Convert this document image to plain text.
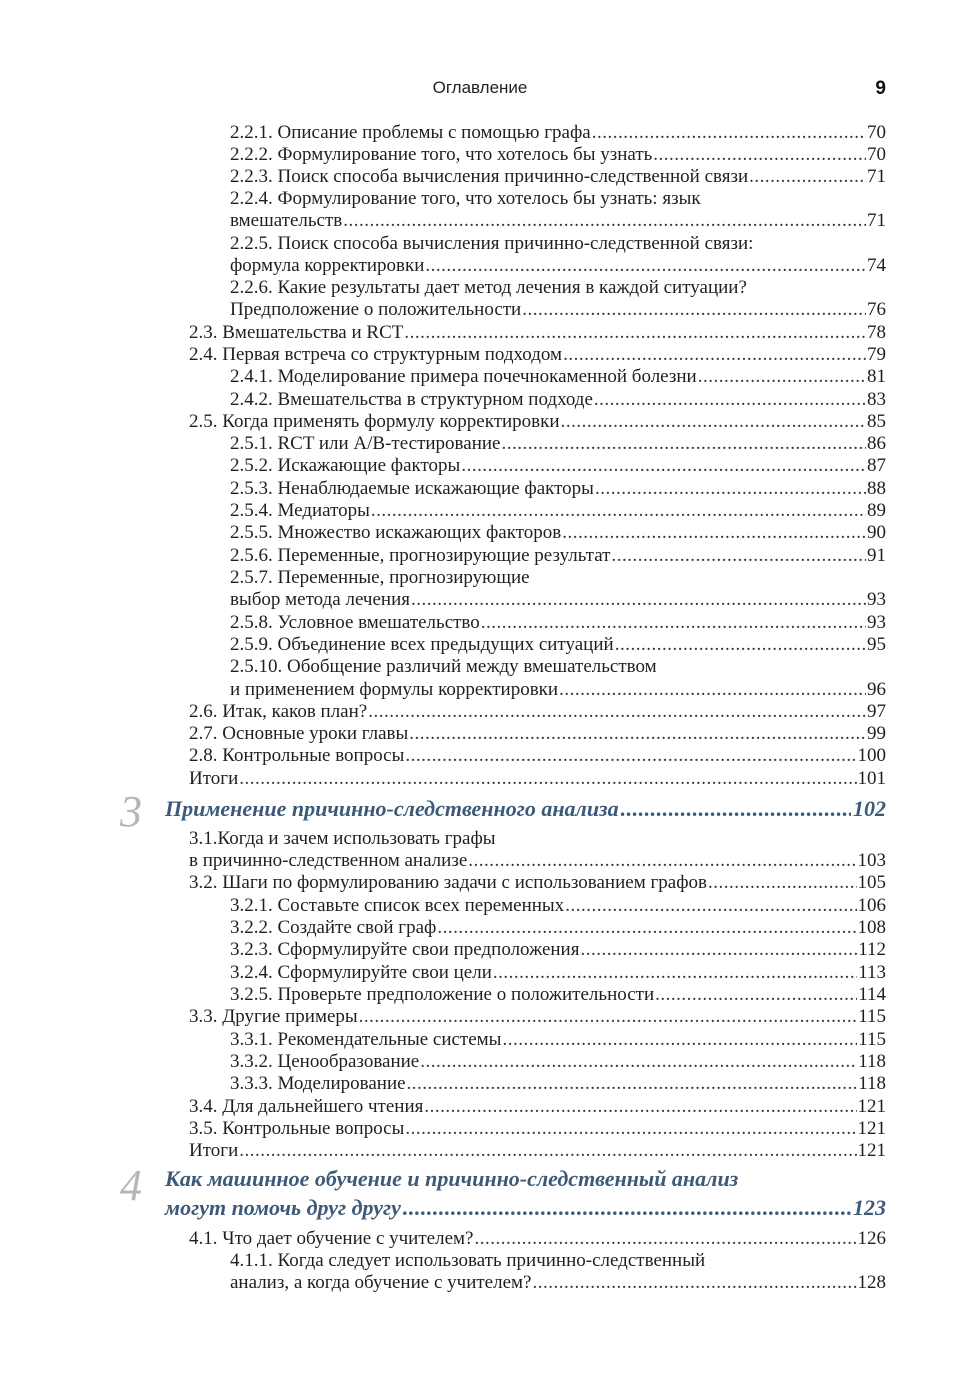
Оглавление	9
2.2.1. Описание проблемы с помощью графа .....	70
2.2.2. Формулирование того, что хотелось бы узнать .....	70
2.2.3. Поиск способа вычисления причинно-следственной связи .....	71
2.2.4. Формулирование того, что хотелось бы узнать: язык
вмешательств .....	71
2.2.5. Поиск способа вычисления причинно-следственной связи:
формула корректировки .....	74
2.2.6. Какие результаты дает метод лечения в каждой ситуации?
Предположение о положительности .....	76
2.3. Вмешательства и RCT .....	78
2.4. Первая встреча со структурным подходом .....	79
2.4.1. Моделирование примера почечнокаменной болезни .....	81
2.4.2. Вмешательства в структурном подходе .....	83
2.5. Когда применять формулу корректировки .....	85
2.5.1. RCT или A/B-тестирование .....	86
2.5.2. Искажающие факторы .....	87
2.5.3. Ненаблюдаемые искажающие факторы .....	88
2.5.4. Медиаторы .....	89
2.5.5. Множество искажающих факторов .....	90
2.5.6. Переменные, прогнозирующие результат .....	91
2.5.7. Переменные, прогнозирующие
выбор метода лечения .....	93
2.5.8. Условное вмешательство .....	93
2.5.9. Объединение всех предыдущих ситуаций .....	95
2.5.10. Обобщение различий между вмешательством
и применением формулы корректировки .....	96
2.6. Итак, каков план? .....	97
2.7. Основные уроки главы .....	99
2.8. Контрольные вопросы .....	100
Итоги .....	101
3 Применение причинно-следственного анализа .....	102
3.1.Когда и зачем использовать графы
в причинно-следственном анализе .....	103
3.2. Шаги по формулированию задачи с использованием графов .....	105
3.2.1. Составьте список всех переменных .....	106
3.2.2. Создайте свой граф .....	108
3.2.3. Сформулируйте свои предположения .....	112
3.2.4. Сформулируйте свои цели .....	113
3.2.5. Проверьте предположение о положительности .....	114
3.3. Другие примеры .....	115
3.3.1. Рекомендательные системы .....	115
3.3.2. Ценообразование .....	118
3.3.3. Моделирование .....	118
3.4. Для дальнейшего чтения .....	121
3.5. Контрольные вопросы .....	121
Итоги .....	121
4 Как машинное обучение и причинно-следственный анализ
могут помочь друг другу .....	123
4.1. Что дает обучение с учителем? .....	126
4.1.1. Когда следует использовать причинно-следственный
анализ, а когда обучение с учителем? .....	128
